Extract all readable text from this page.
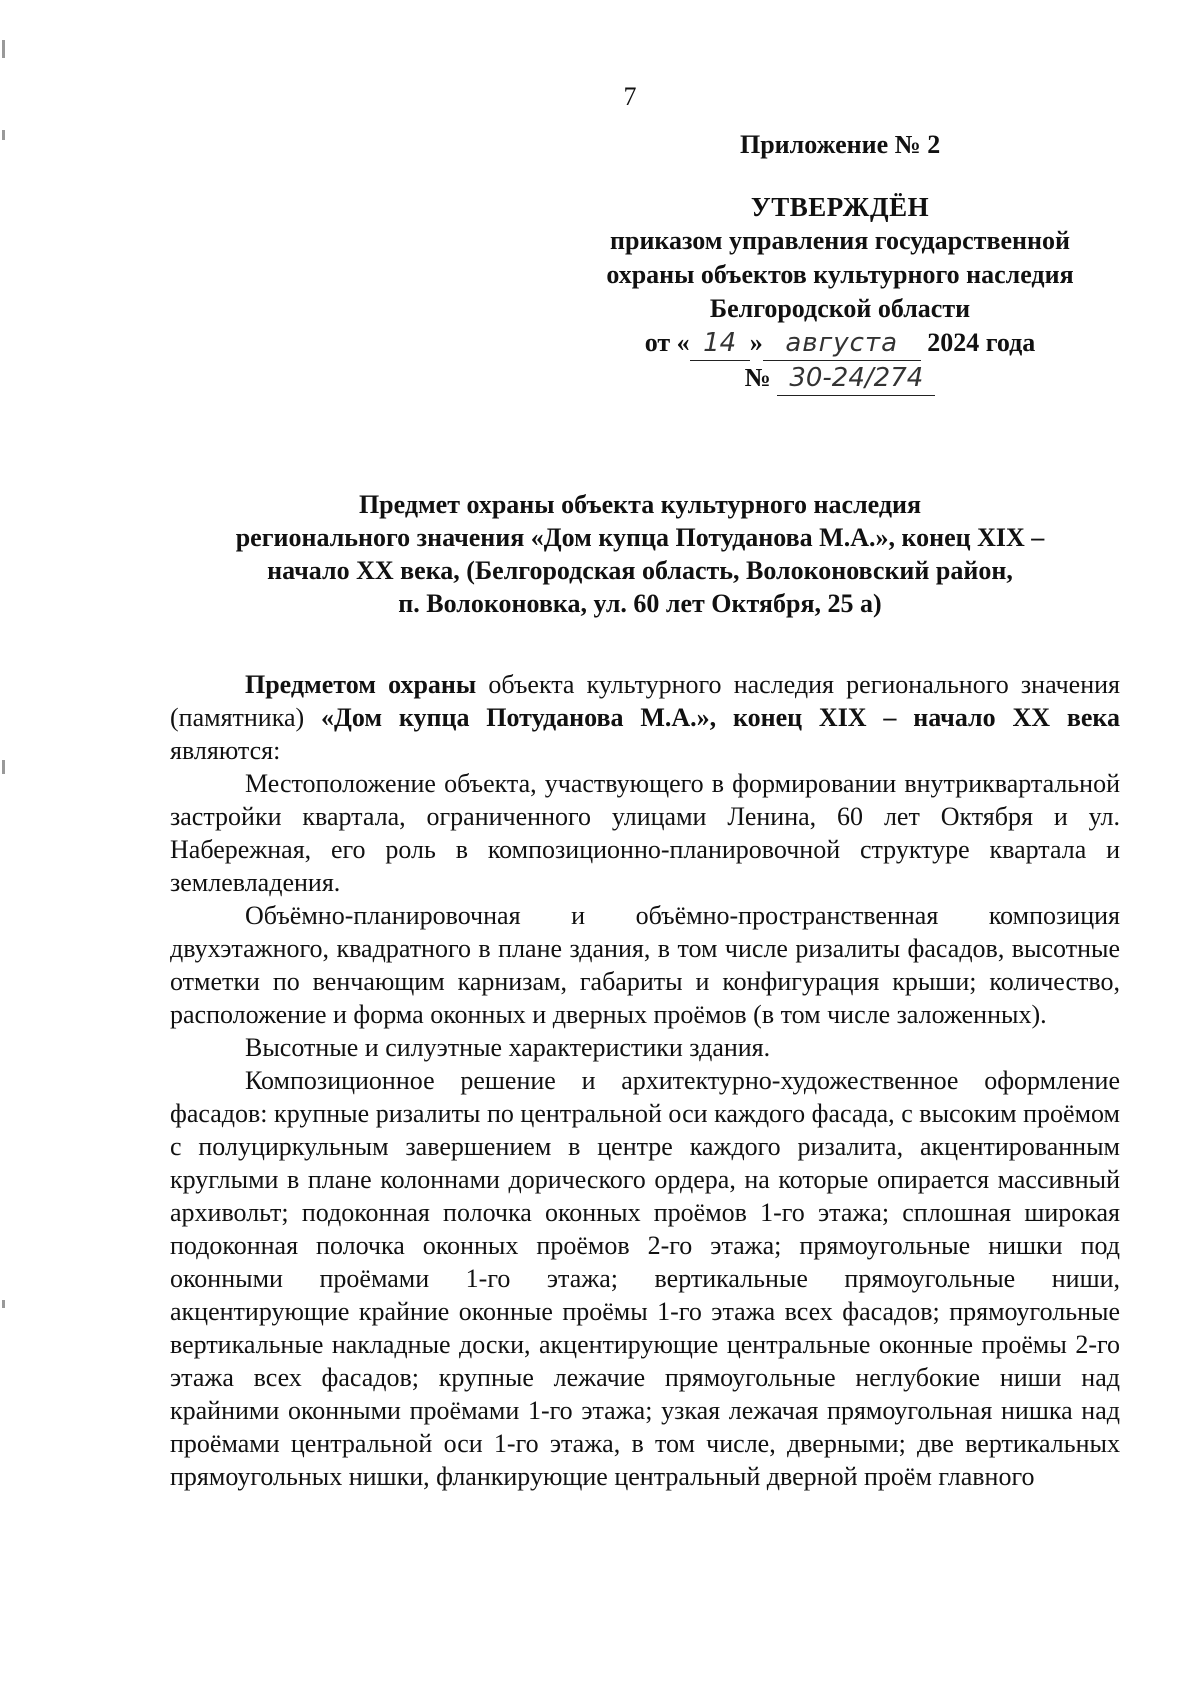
7
Приложение № 2
УТВЕРЖДЁН
приказом управления государственной
охраны объектов культурного наследия
Белгородской области
от « 14 » августа 2024 года
№ 30-24/274
Предмет охраны объекта культурного наследия
регионального значения «Дом купца Потуданова М.А.», конец XIX –
начало XX века, (Белгородская область, Волоконовский район,
п. Волоконовка, ул. 60 лет Октября, 25 а)

Предметом охраны объекта культурного наследия регионального значения (памятника) «Дом купца Потуданова М.А.», конец XIX – начало XX века являются:

Местоположение объекта, участвующего в формировании внутриквартальной застройки квартала, ограниченного улицами Ленина, 60 лет Октября и ул. Набережная, его роль в композиционно-планировочной структуре квартала и землевладения.

Объёмно-планировочная и объёмно-пространственная композиция двухэтажного, квадратного в плане здания, в том числе ризалиты фасадов, высотные отметки по венчающим карнизам, габариты и конфигурация крыши; количество, расположение и форма оконных и дверных проёмов (в том числе заложенных).

Высотные и силуэтные характеристики здания.

Композиционное решение и архитектурно-художественное оформление фасадов: крупные ризалиты по центральной оси каждого фасада, с высоким проёмом с полуциркульным завершением в центре каждого ризалита, акцентированным круглыми в плане колоннами дорического ордера, на которые опирается массивный архивольт; подоконная полочка оконных проёмов 1-го этажа; сплошная широкая подоконная полочка оконных проёмов 2-го этажа; прямоугольные нишки под оконными проёмами 1-го этажа; вертикальные прямоугольные ниши, акцентирующие крайние оконные проёмы 1-го этажа всех фасадов; прямоугольные вертикальные накладные доски, акцентирующие центральные оконные проёмы 2-го этажа всех фасадов; крупные лежачие прямоугольные неглубокие ниши над крайними оконными проёмами 1-го этажа; узкая лежачая прямоугольная нишка над проёмами центральной оси 1-го этажа, в том числе, дверными; две вертикальных прямоугольных нишки, фланкирующие центральный дверной проём главного
